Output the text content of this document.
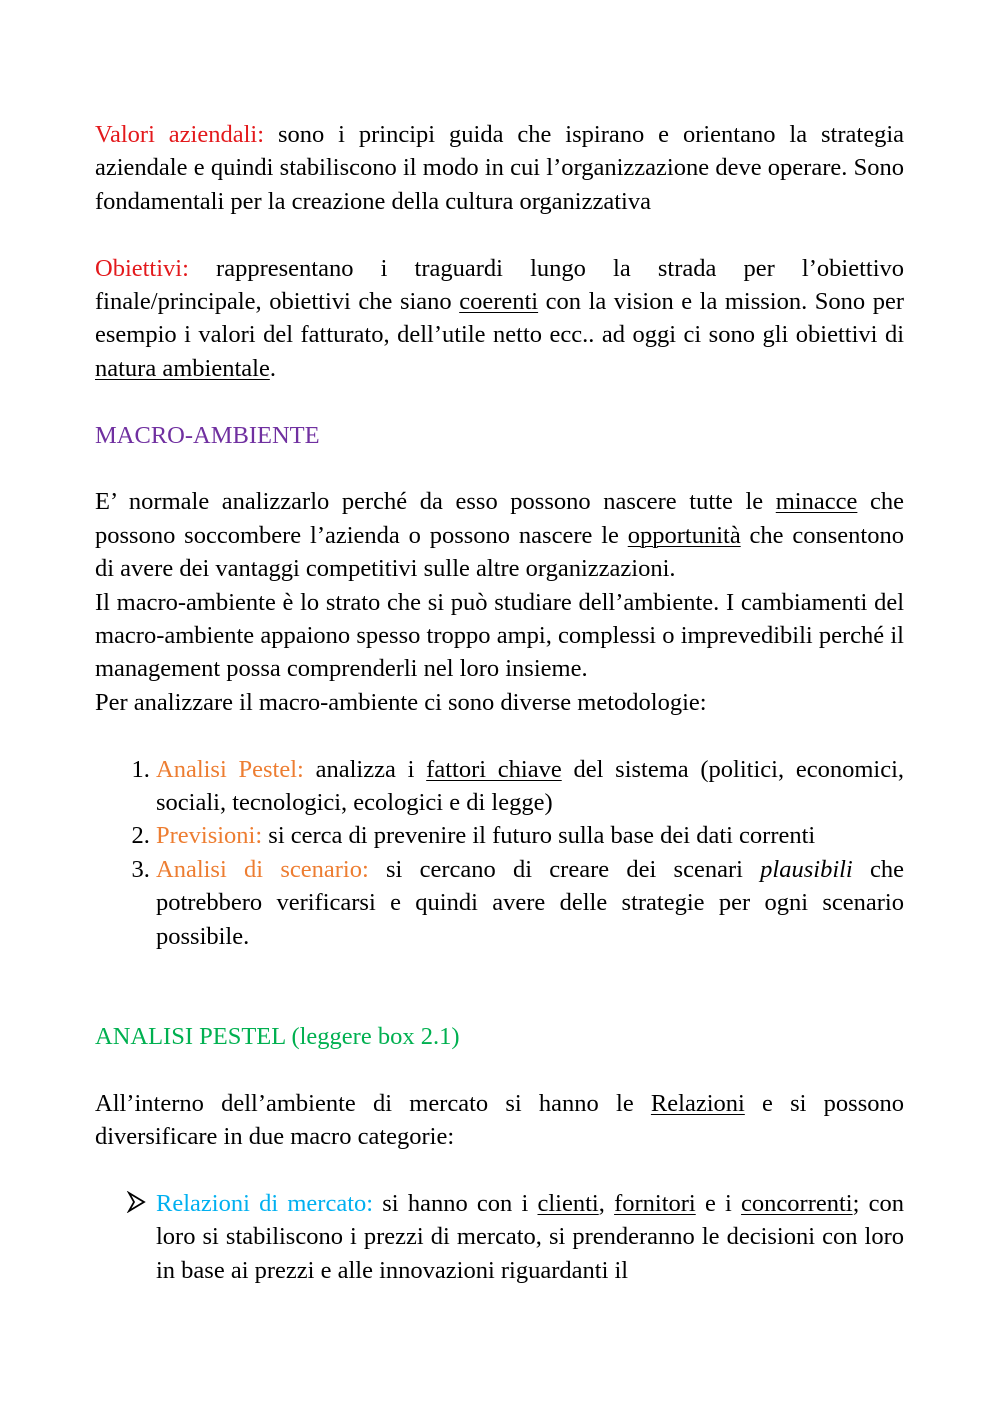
Valori aziendali: sono i principi guida che ispirano e orientano la strategia aziendale e quindi stabiliscono il modo in cui l’organizzazione deve operare. Sono fondamentali per la creazione della cultura organizzativa

Obiettivi: rappresentano i traguardi lungo la strada per l’obiettivo finale/principale, obiettivi che siano coerenti con la vision e la mission. Sono per esempio i valori del fatturato, dell’utile netto ecc.. ad oggi ci sono gli obiettivi di natura ambientale.

MACRO-AMBIENTE

E’ normale analizzarlo perché da esso possono nascere tutte le minacce che possono soccombere l’azienda o possono nascere le opportunità che consentono di avere dei vantaggi competitivi sulle altre organizzazioni.

Il macro-ambiente è lo strato che si può studiare dell’ambiente. I cambiamenti del macro-ambiente appaiono spesso troppo ampi, complessi o imprevedibili perché il management possa comprenderli nel loro insieme.

Per analizzare il macro-ambiente ci sono diverse metodologie:

1. Analisi Pestel: analizza i fattori chiave del sistema (politici, economici, sociali, tecnologici, ecologici e di legge)
2. Previsioni: si cerca di prevenire il futuro sulla base dei dati correnti
3. Analisi di scenario: si cercano di creare dei scenari plausibili che potrebbero verificarsi e quindi avere delle strategie per ogni scenario possibile.

ANALISI PESTEL (leggere box 2.1)

All’interno dell’ambiente di mercato si hanno le Relazioni e si possono diversificare in due macro categorie:

Relazioni di mercato: si hanno con i clienti, fornitori e i concorrenti; con loro si stabiliscono i prezzi di mercato, si prenderanno le decisioni con loro in base ai prezzi e alle innovazioni riguardanti il
